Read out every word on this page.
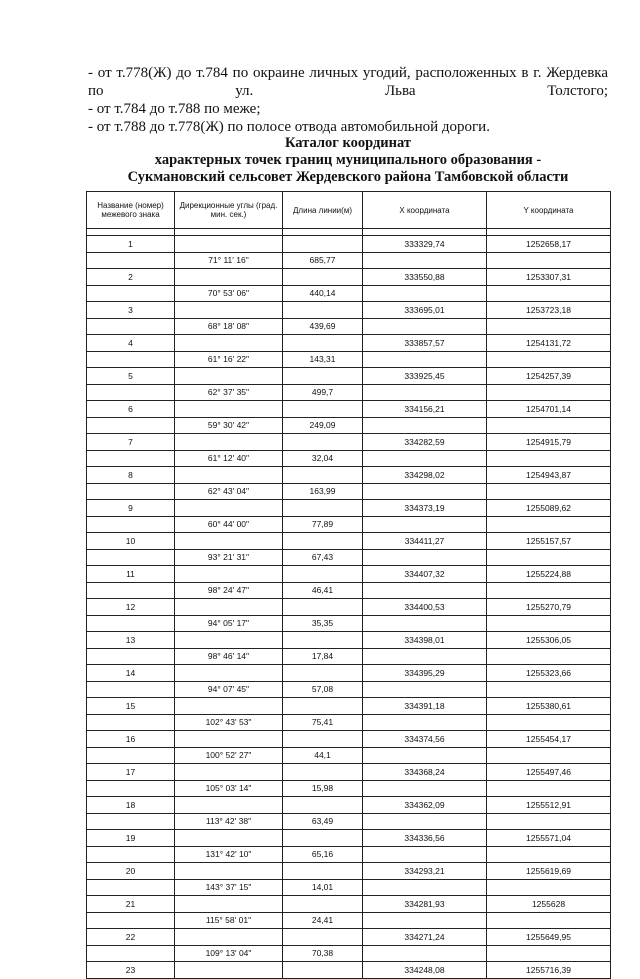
- от т.778(Ж) до т.784 по окраине личных угодий, расположенных в г. Жердевка по ул. Льва Толстого;

- от т.784 до т.788 по меже;

- от т.788 до т.778(Ж) по полосе отвода автомобильной дороги.

Каталог координат
характерных точек границ муниципального образования -
Сукмановский сельсовет Жердевского района Тамбовской области
Название (номер) межевого знака	Дирекционные углы (град. мин. сек.)	Длина линии(м)	X координата	Y координата

1			333329,74	1252658,17
	71° 11' 16"	685,77		
2			333550,88	1253307,31
	70° 53' 06"	440,14		
3			333695,01	1253723,18
	68° 18' 08"	439,69		
4			333857,57	1254131,72
	61° 16' 22"	143,31		
5			333925,45	1254257,39
	62° 37' 35"	499,7		
6			334156,21	1254701,14
	59° 30' 42"	249,09		
7			334282,59	1254915,79
	61° 12' 40"	32,04		
8			334298,02	1254943,87
	62° 43' 04"	163,99		
9			334373,19	1255089,62
	60° 44' 00"	77,89		
10			334411,27	1255157,57
	93° 21' 31"	67,43		
11			334407,32	1255224,88
	98° 24' 47"	46,41		
12			334400,53	1255270,79
	94° 05' 17"	35,35		
13			334398,01	1255306,05
	98° 46' 14"	17,84		
14			334395,29	1255323,66
	94° 07' 45"	57,08		
15			334391,18	1255380,61
	102° 43' 53"	75,41		
16			334374,56	1255454,17
	100° 52' 27"	44,1		
17			334368,24	1255497,46
	105° 03' 14"	15,98		
18			334362,09	1255512,91
	113° 42' 38"	63,49		
19			334336,56	1255571,04
	131° 42' 10"	65,16		
20			334293,21	1255619,69
	143° 37' 15"	14,01		
21			334281,93	1255628
	115° 58' 01"	24,41		
22			334271,24	1255649,95
	109° 13' 04"	70,38		
23			334248,08	1255716,39
